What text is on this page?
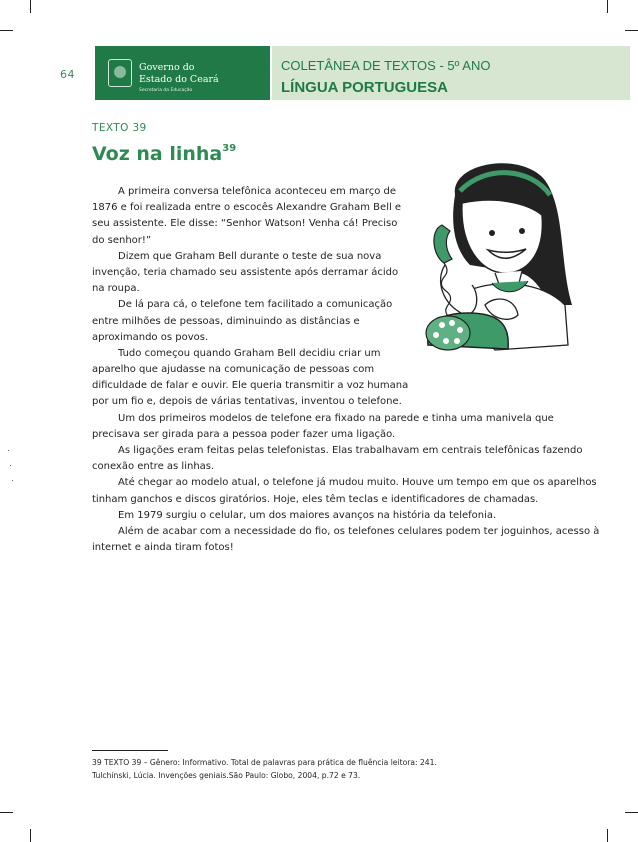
64
Governo do
Estado do Ceará
Secretaria da Educação
PAIC
COLETÂNEA DE TEXTOS - 5º ANO
LÍNGUA PORTUGUESA
TEXTO 39
Voz na linha$^{39}$
A primeira conversa telefônica aconteceu em março de
1876 e foi realizada entre o escocês Alexandre Graham Bell e
seu assistente. Ele disse: “Senhor Watson! Venha cá! Preciso
do senhor!”
Dizem que Graham Bell durante o teste de sua nova
invenção, teria chamado seu assistente após derramar ácido
na roupa.
De lá para cá, o telefone tem facilitado a comunicação
entre milhões de pessoas, diminuindo as distâncias e
aproximando os povos.
Tudo começou quando Graham Bell decidiu criar um
aparelho que ajudasse na comunicação de pessoas com
dificuldade de falar e ouvir. Ele queria transmitir a voz humana
por um fio e, depois de várias tentativas, inventou o telefone.
Um dos primeiros modelos de telefone era fixado na parede e tinha uma manivela que
precisava ser girada para a pessoa poder fazer uma ligação.
As ligações eram feitas pelas telefonistas. Elas trabalhavam em centrais telefônicas fazendo
conexão entre as linhas.
Até chegar ao modelo atual, o telefone já mudou muito. Houve um tempo em que os aparelhos
tinham ganchos e discos giratórios. Hoje, eles têm teclas e identificadores de chamadas.
Em 1979 surgiu o celular, um dos maiores avanços na história da telefonia.
Além de acabar com a necessidade do fio, os telefones celulares podem ter joguinhos, acesso à
internet e ainda tiram fotos!
39 TEXTO 39 – Gênero: Informativo. Total de palavras para prática de fluência leitora: 241.
Tulchinski, Lúcia. Invenções geniais.São Paulo: Globo, 2004, p.72 e 73.
